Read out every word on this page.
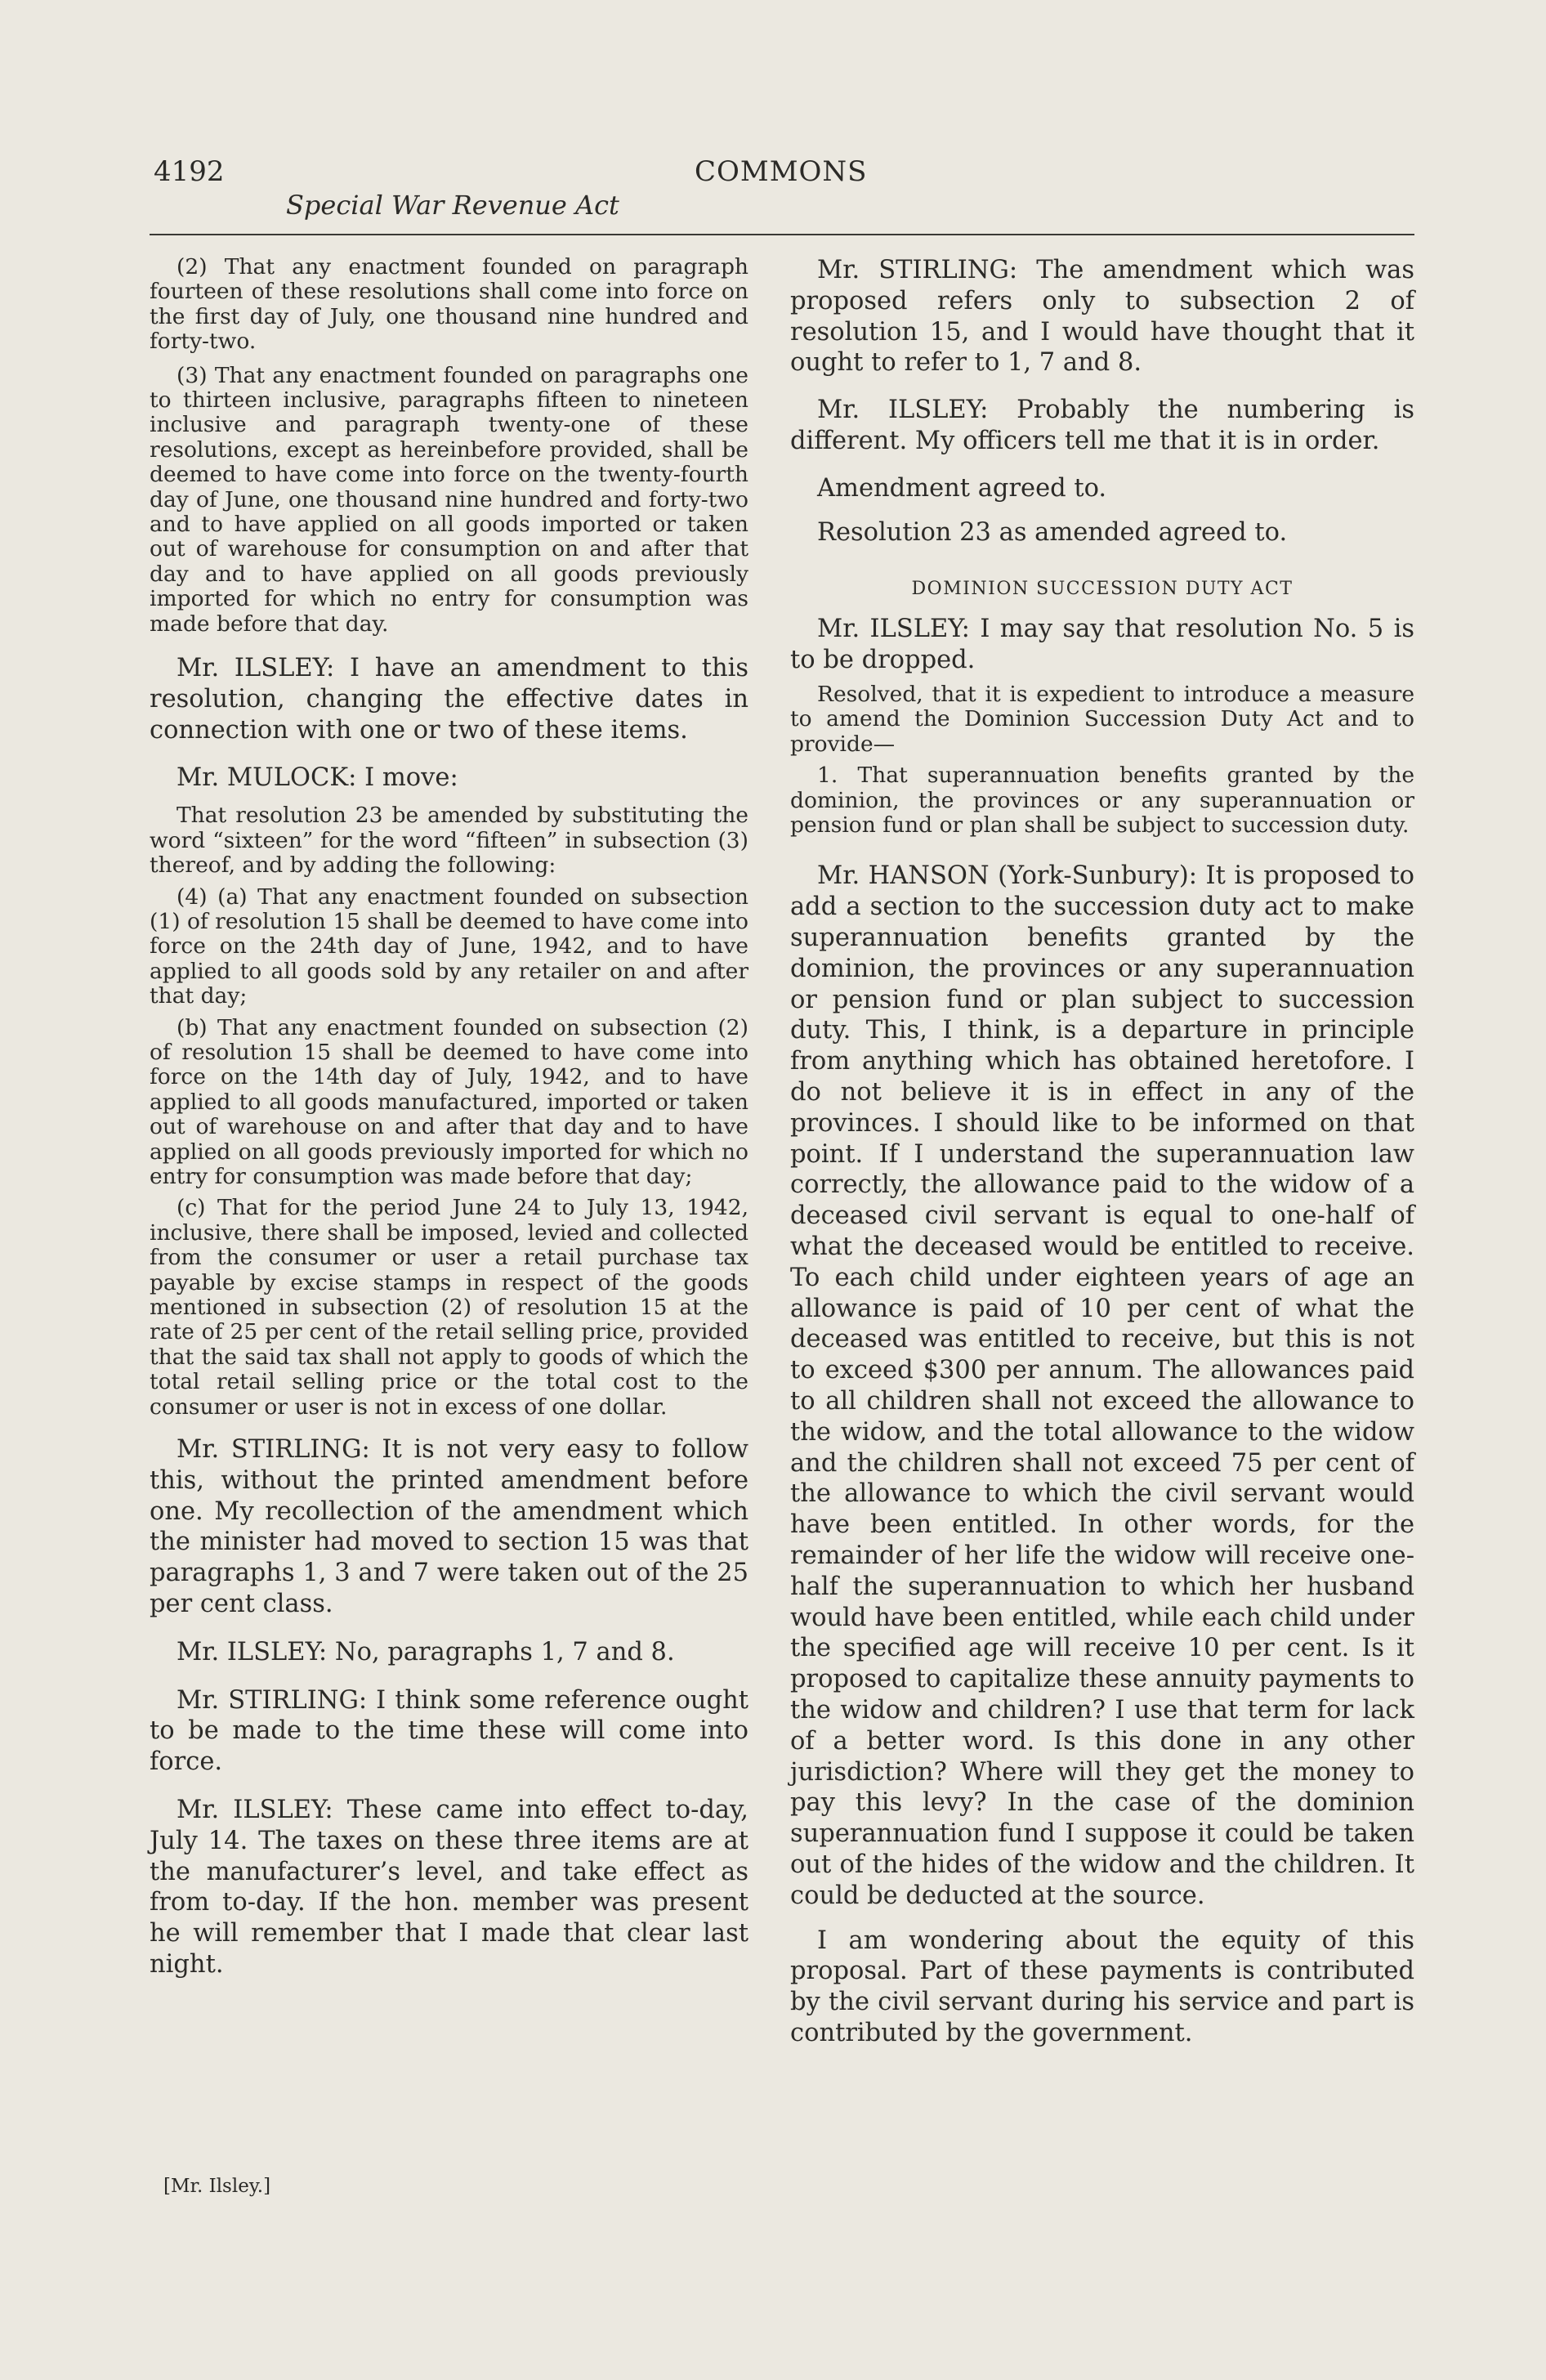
4192	COMMONS
Special War Revenue Act

(2) That any enactment founded on paragraph fourteen of these resolutions shall come into force on the first day of July, one thousand nine hundred and forty-two.

(3) That any enactment founded on paragraphs one to thirteen inclusive, paragraphs fifteen to nineteen inclusive and paragraph twenty-one of these resolutions, except as hereinbefore provided, shall be deemed to have come into force on the twenty-fourth day of June, one thousand nine hundred and forty-two and to have applied on all goods imported or taken out of warehouse for consumption on and after that day and to have applied on all goods previously imported for which no entry for consumption was made before that day.

Mr. ILSLEY: I have an amendment to this resolution, changing the effective dates in connection with one or two of these items.

Mr. MULOCK: I move:

That resolution 23 be amended by substituting the word “sixteen” for the word “fifteen” in subsection (3) thereof, and by adding the following:

(4) (a) That any enactment founded on subsection (1) of resolution 15 shall be deemed to have come into force on the 24th day of June, 1942, and to have applied to all goods sold by any retailer on and after that day;

(b) That any enactment founded on subsection (2) of resolution 15 shall be deemed to have come into force on the 14th day of July, 1942, and to have applied to all goods manufactured, imported or taken out of warehouse on and after that day and to have applied on all goods previously imported for which no entry for consumption was made before that day;

(c) That for the period June 24 to July 13, 1942, inclusive, there shall be imposed, levied and collected from the consumer or user a retail purchase tax payable by excise stamps in respect of the goods mentioned in subsection (2) of resolution 15 at the rate of 25 per cent of the retail selling price, provided that the said tax shall not apply to goods of which the total retail selling price or the total cost to the consumer or user is not in excess of one dollar.

Mr. STIRLING: It is not very easy to follow this, without the printed amendment before one. My recollection of the amendment which the minister had moved to section 15 was that paragraphs 1, 3 and 7 were taken out of the 25 per cent class.

Mr. ILSLEY: No, paragraphs 1, 7 and 8.

Mr. STIRLING: I think some reference ought to be made to the time these will come into force.

Mr. ILSLEY: These came into effect to-day, July 14. The taxes on these three items are at the manufacturer’s level, and take effect as from to-day. If the hon. member was present he will remember that I made that clear last night.

[Mr. Ilsley.]

Mr. STIRLING: The amendment which was proposed refers only to subsection 2 of resolution 15, and I would have thought that it ought to refer to 1, 7 and 8.

Mr. ILSLEY: Probably the numbering is different. My officers tell me that it is in order.

Amendment agreed to.

Resolution 23 as amended agreed to.

DOMINION SUCCESSION DUTY ACT

Mr. ILSLEY: I may say that resolution No. 5 is to be dropped.

Resolved, that it is expedient to introduce a measure to amend the Dominion Succession Duty Act and to provide—

1. That superannuation benefits granted by the dominion, the provinces or any superannuation or pension fund or plan shall be subject to succession duty.

Mr. HANSON (York-Sunbury): It is proposed to add a section to the succession duty act to make superannuation benefits granted by the dominion, the provinces or any superannuation or pension fund or plan subject to succession duty. This, I think, is a departure in principle from anything which has obtained heretofore. I do not believe it is in effect in any of the provinces. I should like to be informed on that point. If I understand the superannuation law correctly, the allowance paid to the widow of a deceased civil servant is equal to one-half of what the deceased would be entitled to receive. To each child under eighteen years of age an allowance is paid of 10 per cent of what the deceased was entitled to receive, but this is not to exceed $300 per annum. The allowances paid to all children shall not exceed the allowance to the widow, and the total allowance to the widow and the children shall not exceed 75 per cent of the allowance to which the civil servant would have been entitled. In other words, for the remainder of her life the widow will receive one-half the superannuation to which her husband would have been entitled, while each child under the specified age will receive 10 per cent. Is it proposed to capitalize these annuity payments to the widow and children? I use that term for lack of a better word. Is this done in any other jurisdiction? Where will they get the money to pay this levy? In the case of the dominion superannuation fund I suppose it could be taken out of the hides of the widow and the children. It could be deducted at the source.

I am wondering about the equity of this proposal. Part of these payments is contributed by the civil servant during his service and part is contributed by the government.
